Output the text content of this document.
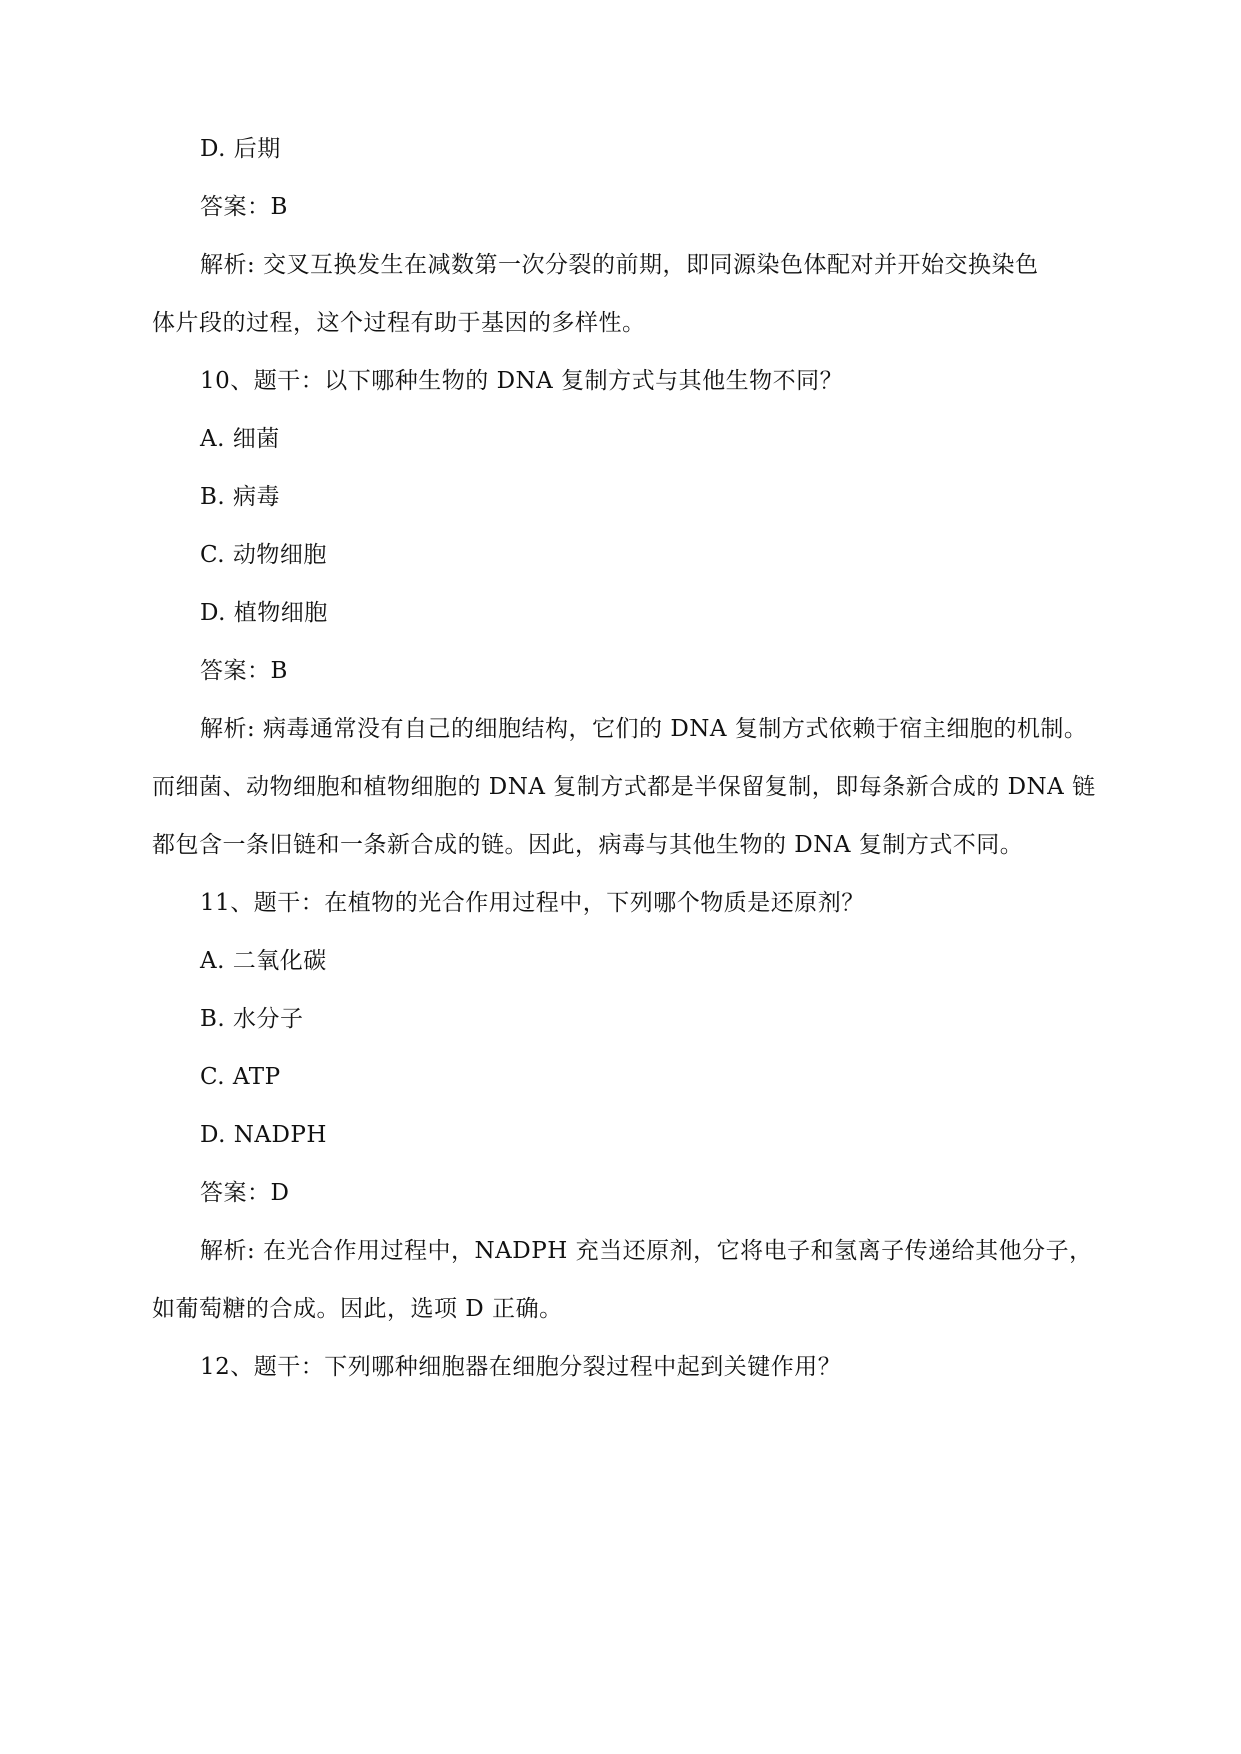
D. 后期
答案：B
解析: 交叉互换发生在减数第一次分裂的前期，即同源染色体配对并开始交换染色
体片段的过程，这个过程有助于基因的多样性。
10、题干：以下哪种生物的 DNA 复制方式与其他生物不同？
A. 细菌
B. 病毒
C. 动物细胞
D. 植物细胞
答案：B
解析: 病毒通常没有自己的细胞结构，它们的 DNA 复制方式依赖于宿主细胞的机制。
而细菌、动物细胞和植物细胞的 DNA 复制方式都是半保留复制，即每条新合成的 DNA 链
都包含一条旧链和一条新合成的链。因此，病毒与其他生物的 DNA 复制方式不同。
11、题干：在植物的光合作用过程中，下列哪个物质是还原剂？
A. 二氧化碳
B. 水分子
C. ATP
D. NADPH
答案：D
解析: 在光合作用过程中，NADPH 充当还原剂，它将电子和氢离子传递给其他分子，
如葡萄糖的合成。因此，选项 D 正确。
12、题干：下列哪种细胞器在细胞分裂过程中起到关键作用？
